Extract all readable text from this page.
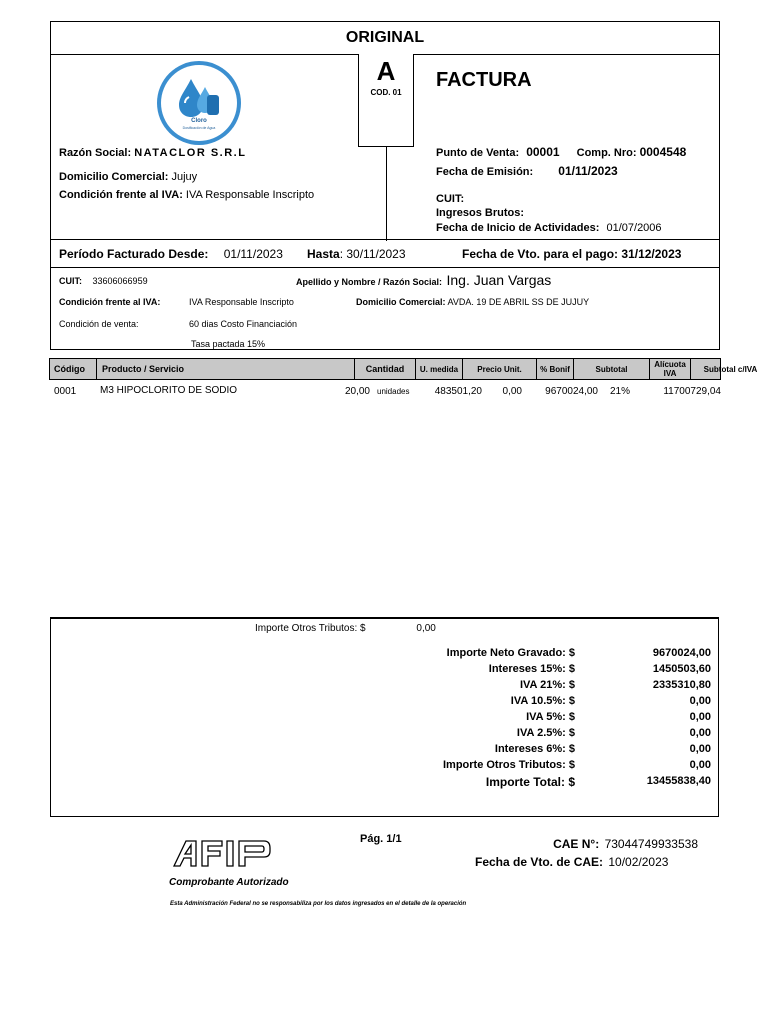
ORIGINAL
A
COD. 01
Cloro
Dosificación de Agua
FACTURA
Razón Social: NATACLOR S.R.L
Domicilio Comercial: Jujuy
Condición frente al IVA: IVA Responsable Inscripto
Punto de Venta: 00001 Comp. Nro: 0004548
Fecha de Emisión: 01/11/2023
CUIT:
Ingresos Brutos:
Fecha de Inicio de Actividades: 01/07/2006
Período Facturado Desde: 01/11/2023 Hasta: 30/11/2023	Fecha de Vto. para el pago: 31/12/2023
CUIT: 33606066959	Apellido y Nombre / Razón Social: Ing. Juan Vargas
Condición frente al IVA:	IVA Responsable Inscripto	Domicilio Comercial: AVDA. 19 DE ABRIL SS DE JUJUY
Condición de venta:	60 dias Costo Financiación
Tasa pactada 15%
Código	Producto / Servicio	Cantidad	U. medida	Precio Unit.	% Bonif	Subtotal	Alícuota IVA	Subtotal c/IVA
0001 M3 HIPOCLORITO DE SODIO	20,00 unidades	483501,20 0,00 9670024,00 21%	11700729,04
Importe Otros Tributos: $	0,00
Importe Neto Gravado: $	9670024,00
Intereses 15%: $	1450503,60
IVA 21%: $	2335310,80
IVA 10.5%: $	0,00
IVA 5%: $	0,00
IVA 2.5%: $	0,00
Intereses 6%: $	0,00
Importe Otros Tributos: $	0,00
Importe Total: $	13455838,40
Comprobante Autorizado
Pág. 1/1	CAE N°: 73044749933538
Fecha de Vto. de CAE: 10/02/2023
Esta Administración Federal no se responsabiliza por los datos ingresados en el detalle de la operación
